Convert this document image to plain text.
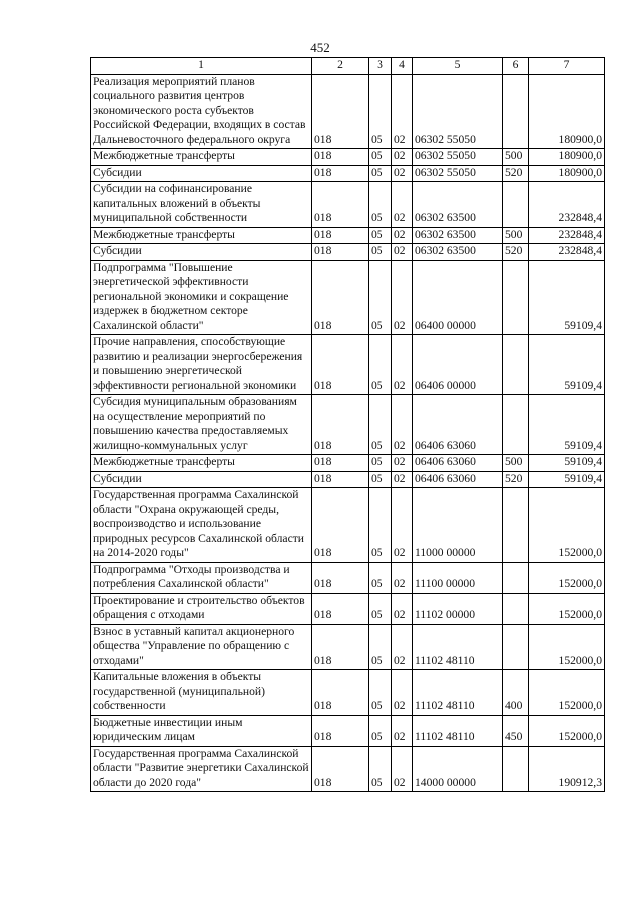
452
1	2	3	4	5	6	7
Реализация мероприятий планов социального развития центров экономического роста субъектов Российской Федерации, входящих в состав Дальневосточного федерального округа	018	05	02	06302 55050		180900,0
Межбюджетные трансферты	018	05	02	06302 55050	500	180900,0
Субсидии	018	05	02	06302 55050	520	180900,0
Субсидии на софинансирование капитальных вложений в объекты муниципальной собственности	018	05	02	06302 63500		232848,4
Межбюджетные трансферты	018	05	02	06302 63500	500	232848,4
Субсидии	018	05	02	06302 63500	520	232848,4
Подпрограмма "Повышение энергетической эффективности региональной экономики и сокращение издержек в бюджетном секторе Сахалинской области"	018	05	02	06400 00000		59109,4
Прочие направления, способствующие развитию и реализации энергосбережения и повышению энергетической эффективности региональной экономики	018	05	02	06406 00000		59109,4
Субсидия муниципальным образованиям на осуществление мероприятий по повышению качества предоставляемых жилищно-коммунальных услуг	018	05	02	06406 63060		59109,4
Межбюджетные трансферты	018	05	02	06406 63060	500	59109,4
Субсидии	018	05	02	06406 63060	520	59109,4
Государственная программа Сахалинской области "Охрана окружающей среды, воспроизводство и использование природных ресурсов Сахалинской области на 2014-2020 годы"	018	05	02	11000 00000		152000,0
Подпрограмма "Отходы производства и потребления Сахалинской области"	018	05	02	11100 00000		152000,0
Проектирование и строительство объектов обращения с отходами	018	05	02	11102 00000		152000,0
Взнос в уставный капитал акционерного общества "Управление по обращению с отходами"	018	05	02	11102 48110		152000,0
Капитальные вложения в объекты государственной (муниципальной) собственности	018	05	02	11102 48110	400	152000,0
Бюджетные инвестиции иным юридическим лицам	018	05	02	11102 48110	450	152000,0
Государственная программа Сахалинской области "Развитие энергетики Сахалинской области до 2020 года"	018	05	02	14000 00000		190912,3
